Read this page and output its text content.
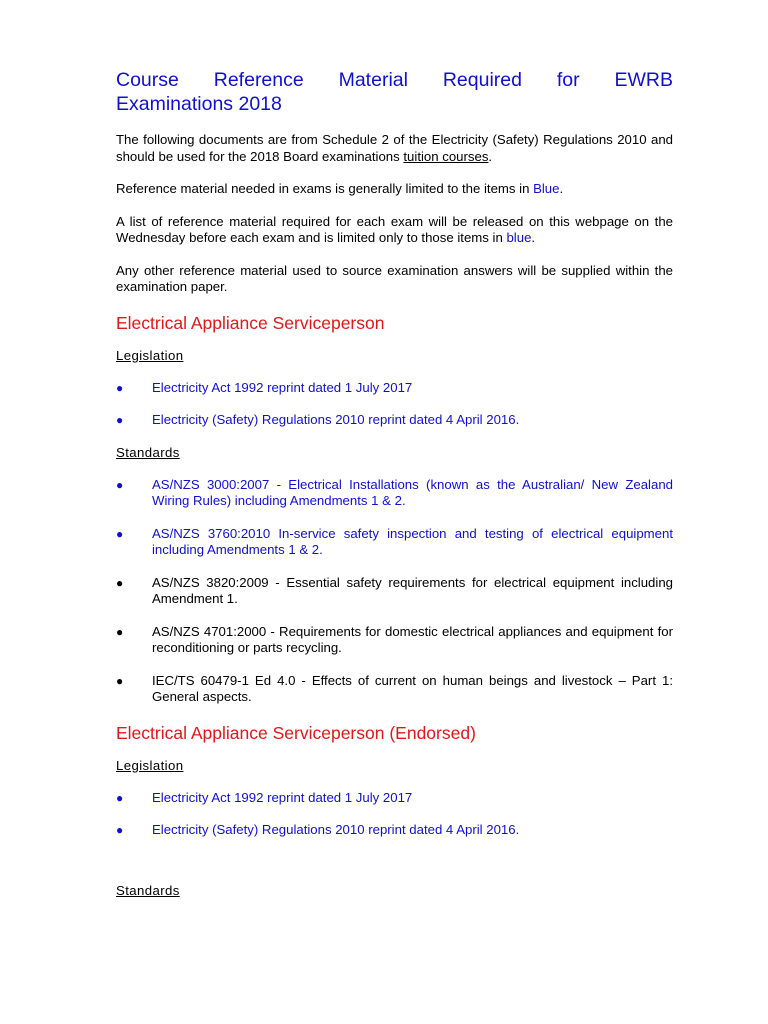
Course Reference Material Required for EWRB
Examinations 2018

The following documents are from Schedule 2 of the Electricity (Safety) Regulations 2010 and should be used for the 2018 Board examinations tuition courses.

Reference material needed in exams is generally limited to the items in Blue.

A list of reference material required for each exam will be released on this webpage on the Wednesday before each exam and is limited only to those items in blue.

Any other reference material used to source examination answers will be supplied within the examination paper.

Electrical Appliance Serviceperson
Legislation
● Electricity Act 1992 reprint dated 1 July 2017
● Electricity (Safety) Regulations 2010 reprint dated 4 April 2016.
Standards
● AS/NZS 3000:2007 - Electrical Installations (known as the Australian/ New Zealand Wiring Rules) including Amendments 1 & 2.
● AS/NZS 3760:2010 In-service safety inspection and testing of electrical equipment including Amendments 1 & 2.
● AS/NZS 3820:2009 - Essential safety requirements for electrical equipment including Amendment 1.
● AS/NZS 4701:2000 - Requirements for domestic electrical appliances and equipment for reconditioning or parts recycling.
● IEC/TS 60479-1 Ed 4.0 - Effects of current on human beings and livestock – Part 1: General aspects.
Electrical Appliance Serviceperson (Endorsed)
Legislation
● Electricity Act 1992 reprint dated 1 July 2017
● Electricity (Safety) Regulations 2010 reprint dated 4 April 2016.
Standards
